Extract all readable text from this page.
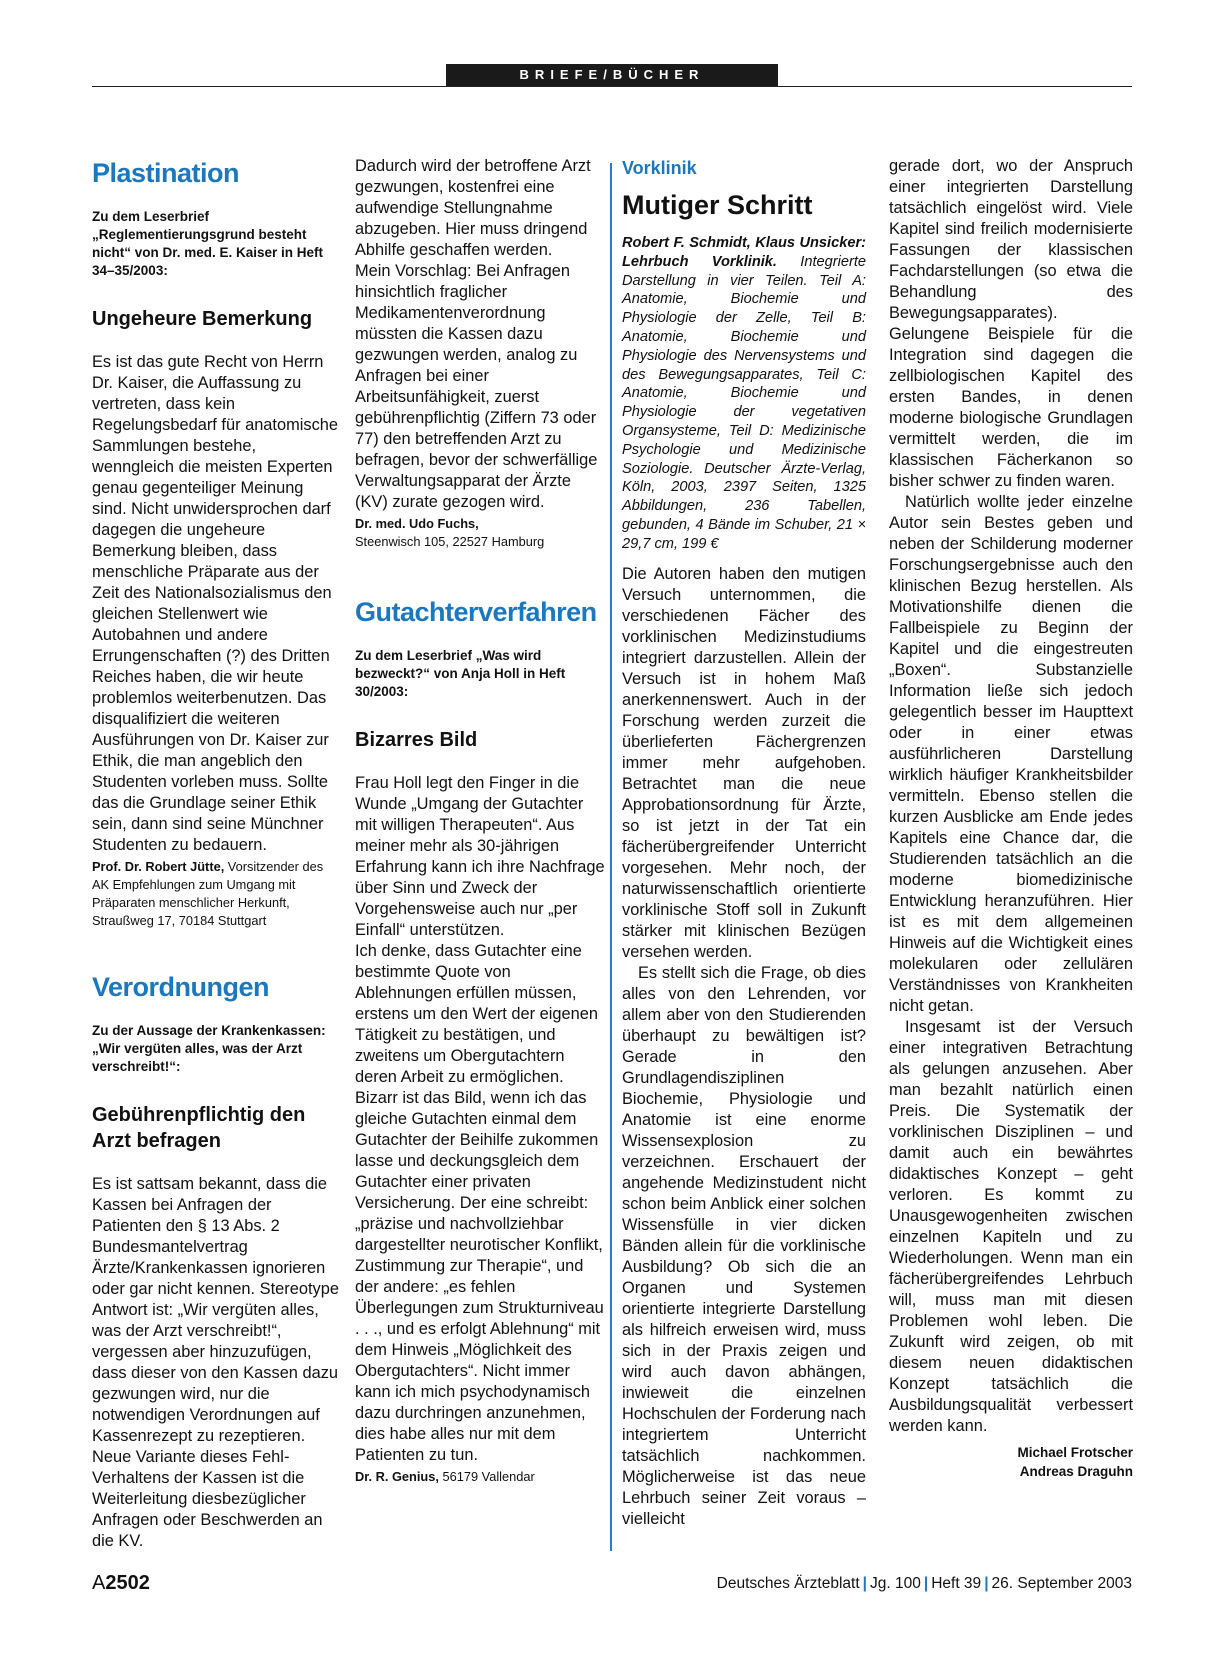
BRIEFE/BÜCHER
Plastination

Zu dem Leserbrief „Reglementierungsgrund besteht nicht“ von Dr. med. E. Kaiser in Heft 34–35/2003:

Ungeheure Bemerkung

Es ist das gute Recht von Herrn Dr. Kaiser, die Auffassung zu vertreten, dass kein Regelungsbedarf für anatomische Sammlungen bestehe, wenngleich die meisten Experten genau gegenteiliger Meinung sind. Nicht unwidersprochen darf dagegen die ungeheure Bemerkung bleiben, dass menschliche Präparate aus der Zeit des Nationalsozialismus den gleichen Stellenwert wie Autobahnen und andere Errungenschaften (?) des Dritten Reiches haben, die wir heute problemlos weiterbenutzen. Das disqualifiziert die weiteren Ausführungen von Dr. Kaiser zur Ethik, die man angeblich den Studenten vorleben muss. Sollte das die Grundlage seiner Ethik sein, dann sind seine Münchner Studenten zu bedauern.

Prof. Dr. Robert Jütte, Vorsitzender des AK Empfehlungen zum Umgang mit Präparaten menschlicher Herkunft, Straußweg 17, 70184 Stuttgart

Verordnungen

Zu der Aussage der Krankenkassen: „Wir vergüten alles, was der Arzt verschreibt!“:

Gebührenpflichtig den Arzt befragen

Es ist sattsam bekannt, dass die Kassen bei Anfragen der Patienten den § 13 Abs. 2 Bundesmantelvertrag Ärzte/Krankenkassen ignorieren oder gar nicht kennen. Stereotype Antwort ist: „Wir vergüten alles, was der Arzt verschreibt!“, vergessen aber hinzuzufügen, dass dieser von den Kassen dazu gezwungen wird, nur die notwendigen Verordnungen auf Kassenrezept zu rezeptieren. Neue Variante dieses Fehl-Verhaltens der Kassen ist die Weiterleitung diesbezüglicher Anfragen oder Beschwerden an die KV.

Dadurch wird der betroffene Arzt gezwungen, kostenfrei eine aufwendige Stellungnahme abzugeben. Hier muss dringend Abhilfe geschaffen werden.

Mein Vorschlag: Bei Anfragen hinsichtlich fraglicher Medikamentenverordnung müssten die Kassen dazu gezwungen werden, analog zu Anfragen bei einer Arbeitsunfähigkeit, zuerst gebührenpflichtig (Ziffern 73 oder 77) den betreffenden Arzt zu befragen, bevor der schwerfällige Verwaltungsapparat der Ärzte (KV) zurate gezogen wird.

Dr. med. Udo Fuchs,
Steenwisch 105, 22527 Hamburg

Gutachterverfahren

Zu dem Leserbrief „Was wird bezweckt?“ von Anja Holl in Heft 30/2003:

Bizarres Bild

Frau Holl legt den Finger in die Wunde „Umgang der Gutachter mit willigen Therapeuten“. Aus meiner mehr als 30-jährigen Erfahrung kann ich ihre Nachfrage über Sinn und Zweck der Vorgehensweise auch nur „per Einfall“ unterstützen.

Ich denke, dass Gutachter eine bestimmte Quote von Ablehnungen erfüllen müssen, erstens um den Wert der eigenen Tätigkeit zu bestätigen, und zweitens um Obergutachtern deren Arbeit zu ermöglichen. Bizarr ist das Bild, wenn ich das gleiche Gutachten einmal dem Gutachter der Beihilfe zukommen lasse und deckungsgleich dem Gutachter einer privaten Versicherung. Der eine schreibt: „präzise und nachvollziehbar dargestellter neurotischer Konflikt, Zustimmung zur Therapie“, und der andere: „es fehlen Überlegungen zum Strukturniveau . . ., und es erfolgt Ablehnung“ mit dem Hinweis „Möglichkeit des Obergutachters“. Nicht immer kann ich mich psychodynamisch dazu durchringen anzunehmen, dies habe alles nur mit dem Patienten zu tun.

Dr. R. Genius, 56179 Vallendar

Vorklinik
Mutiger Schritt

Robert F. Schmidt, Klaus Unsicker: Lehrbuch Vorklinik. Integrierte Darstellung in vier Teilen. Teil A: Anatomie, Biochemie und Physiologie der Zelle, Teil B: Anatomie, Biochemie und Physiologie des Nervensystems und des Bewegungsapparates, Teil C: Anatomie, Biochemie und Physiologie der vegetativen Organsysteme, Teil D: Medizinische Psychologie und Medizinische Soziologie. Deutscher Ärzte-Verlag, Köln, 2003, 2397 Seiten, 1325 Abbildungen, 236 Tabellen, gebunden, 4 Bände im Schuber, 21 × 29,7 cm, 199 €

Die Autoren haben den mutigen Versuch unternommen, die verschiedenen Fächer des vorklinischen Medizinstudiums integriert darzustellen. Allein der Versuch ist in hohem Maß anerkennenswert. Auch in der Forschung werden zurzeit die überlieferten Fächergrenzen immer mehr aufgehoben. Betrachtet man die neue Approbationsordnung für Ärzte, so ist jetzt in der Tat ein fächerübergreifender Unterricht vorgesehen. Mehr noch, der naturwissenschaftlich orientierte vorklinische Stoff soll in Zukunft stärker mit klinischen Bezügen versehen werden.

Es stellt sich die Frage, ob dies alles von den Lehrenden, vor allem aber von den Studierenden überhaupt zu bewältigen ist? Gerade in den Grundlagendisziplinen Biochemie, Physiologie und Anatomie ist eine enorme Wissensexplosion zu verzeichnen. Erschauert der angehende Medizinstudent nicht schon beim Anblick einer solchen Wissensfülle in vier dicken Bänden allein für die vorklinische Ausbildung? Ob sich die an Organen und Systemen orientierte integrierte Darstellung als hilfreich erweisen wird, muss sich in der Praxis zeigen und wird auch davon abhängen, inwieweit die einzelnen Hochschulen der Forderung nach integriertem Unterricht tatsächlich nachkommen. Möglicherweise ist das neue Lehrbuch seiner Zeit voraus – vielleicht

gerade dort, wo der Anspruch einer integrierten Darstellung tatsächlich eingelöst wird. Viele Kapitel sind freilich modernisierte Fassungen der klassischen Fachdarstellungen (so etwa die Behandlung des Bewegungsapparates). Gelungene Beispiele für die Integration sind dagegen die zellbiologischen Kapitel des ersten Bandes, in denen moderne biologische Grundlagen vermittelt werden, die im klassischen Fächerkanon so bisher schwer zu finden waren.

Natürlich wollte jeder einzelne Autor sein Bestes geben und neben der Schilderung moderner Forschungsergebnisse auch den klinischen Bezug herstellen. Als Motivationshilfe dienen die Fallbeispiele zu Beginn der Kapitel und die eingestreuten „Boxen“. Substanzielle Information ließe sich jedoch gelegentlich besser im Haupttext oder in einer etwas ausführlicheren Darstellung wirklich häufiger Krankheitsbilder vermitteln. Ebenso stellen die kurzen Ausblicke am Ende jedes Kapitels eine Chance dar, die Studierenden tatsächlich an die moderne biomedizinische Entwicklung heranzuführen. Hier ist es mit dem allgemeinen Hinweis auf die Wichtigkeit eines molekularen oder zellulären Verständnisses von Krankheiten nicht getan.

Insgesamt ist der Versuch einer integrativen Betrachtung als gelungen anzusehen. Aber man bezahlt natürlich einen Preis. Die Systematik der vorklinischen Disziplinen – und damit auch ein bewährtes didaktisches Konzept – geht verloren. Es kommt zu Unausgewogenheiten zwischen einzelnen Kapiteln und zu Wiederholungen. Wenn man ein fächerübergreifendes Lehrbuch will, muss man mit diesen Problemen wohl leben. Die Zukunft wird zeigen, ob mit diesem neuen didaktischen Konzept tatsächlich die Ausbildungsqualität verbessert werden kann.

Michael Frotscher
Andreas Draguhn

A2502	Deutsches Ärzteblatt | Jg. 100 | Heft 39 | 26. September 2003
